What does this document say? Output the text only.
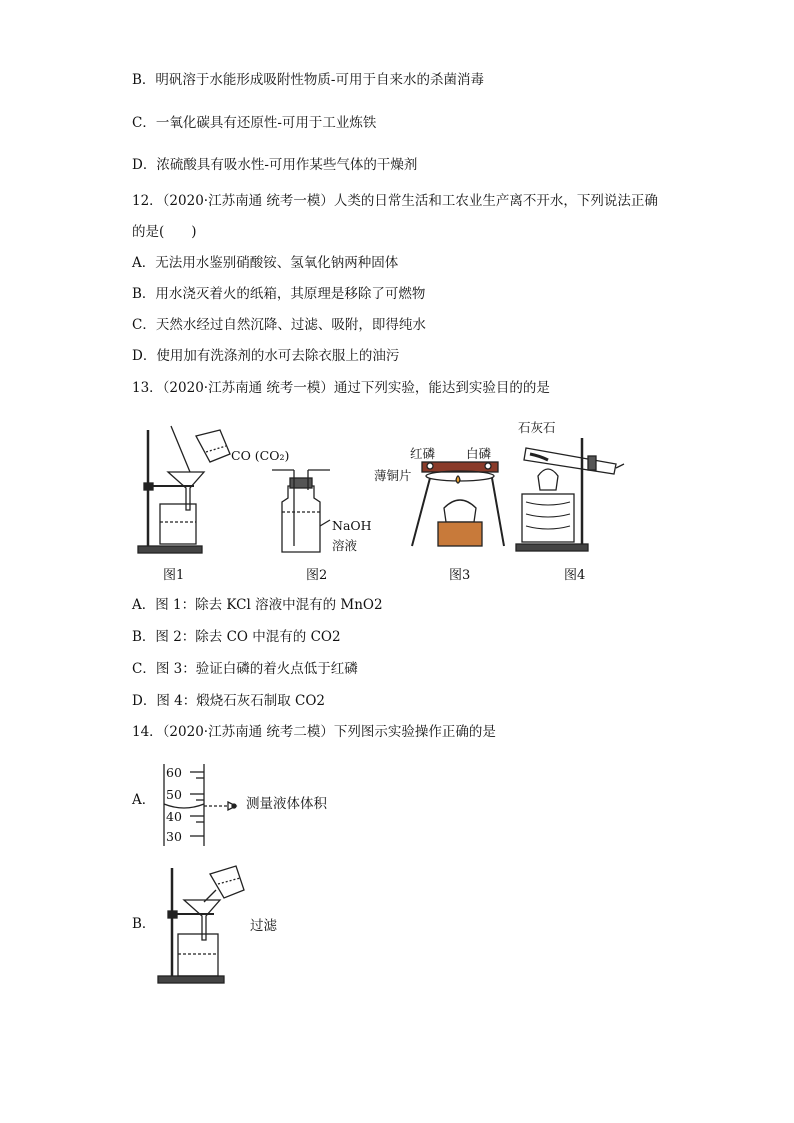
B．明矾溶于水能形成吸附性物质-可用于自来水的杀菌消毒
C．一氧化碳具有还原性-可用于工业炼铁
D．浓硫酸具有吸水性-可用作某些气体的干燥剂
12．（2020·江苏南通 统考一模）人类的日常生活和工农业生产离不开水，下列说法正确
的是(　　)
A．无法用水鉴别硝酸铵、氢氧化钠两种固体
B．用水浇灭着火的纸箱，其原理是移除了可燃物
C．天然水经过自然沉降、过滤、吸附，即得纯水
D．使用加有洗涤剂的水可去除衣服上的油污
13．（2020·江苏南通 统考一模）通过下列实验，能达到实验目的的是
CO (CO₂)
NaOH
溶液
红磷 白磷
薄铜片
石灰石
图1	图2	图3	图4
A．图 1：除去 KCl 溶液中混有的 MnO2
B．图 2：除去 CO 中混有的 CO2
C．图 3：验证白磷的着火点低于红磷
D．图 4：煅烧石灰石制取 CO2
14．（2020·江苏南通 统考二模）下列图示实验操作正确的是
A．
60
50
40
30
测量液体体积
B．	过滤
